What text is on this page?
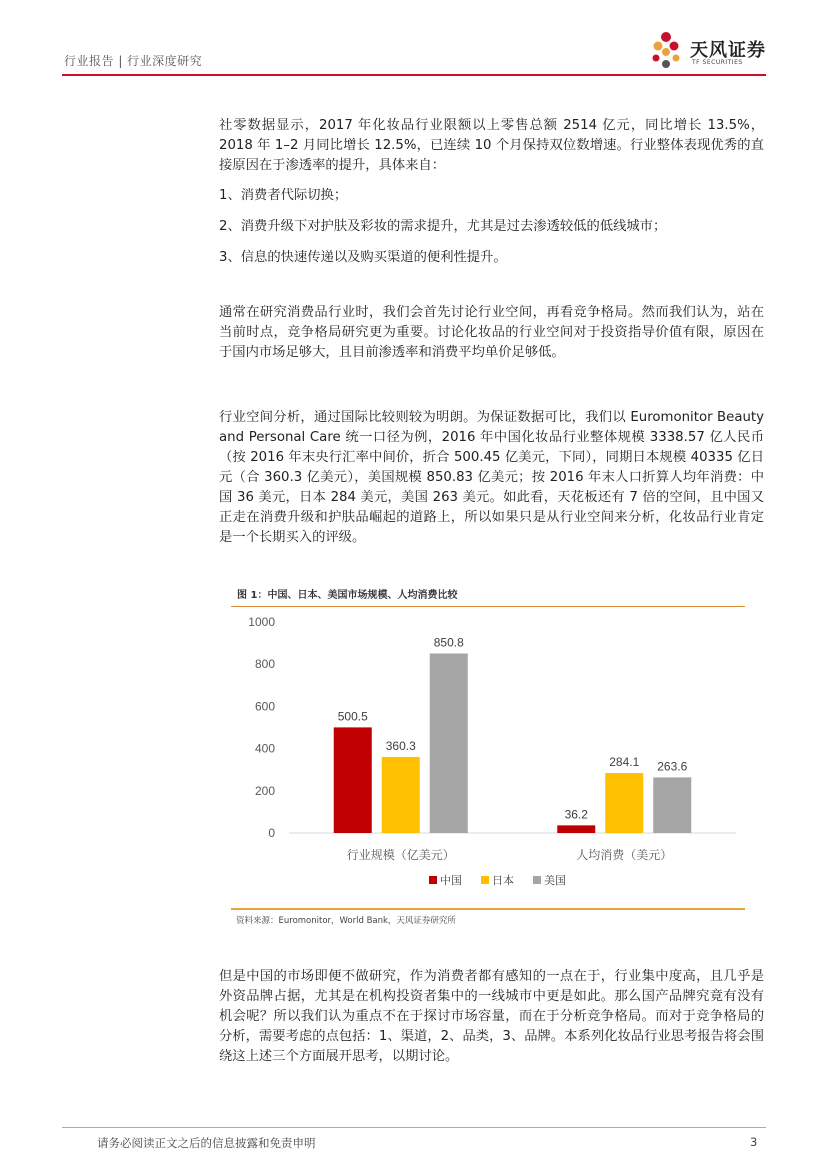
行业报告 | 行业深度研究	天风证券
TF SECURITIES
社零数据显示，2017 年化妆品行业限额以上零售总额 2514 亿元，同比增长 13.5%，2018 年 1–2 月同比增长 12.5%，已连续 10 个月保持双位数增速。行业整体表现优秀的直接原因在于渗透率的提升，具体来自：
1、消费者代际切换；
2、消费升级下对护肤及彩妆的需求提升，尤其是过去渗透较低的低线城市；
3、信息的快速传递以及购买渠道的便利性提升。
通常在研究消费品行业时，我们会首先讨论行业空间，再看竞争格局。然而我们认为，站在当前时点，竞争格局研究更为重要。讨论化妆品的行业空间对于投资指导价值有限，原因在于国内市场足够大，且目前渗透率和消费平均单价足够低。
行业空间分析，通过国际比较则较为明朗。为保证数据可比，我们以 Euromonitor Beauty and Personal Care 统一口径为例，2016 年中国化妆品行业整体规模 3338.57 亿人民币（按 2016 年末央行汇率中间价，折合 500.45 亿美元，下同），同期日本规模 40335 亿日元（合 360.3 亿美元），美国规模 850.83 亿美元；按 2016 年末人口折算人均年消费：中国 36 美元，日本 284 美元，美国 263 美元。如此看，天花板还有 7 倍的空间，且中国又正走在消费升级和护肤品崛起的道路上，所以如果只是从行业空间来分析，化妆品行业肯定是一个长期买入的评级。
图 1：中国、日本、美国市场规模、人均消费比较
0
200
400
600
800
1000
500.5
360.3
850.8
行业规模（亿美元）
36.2
284.1 263.6
人均消费（美元）
中国	日本	美国
资料来源：Euromonitor，World Bank，天风证券研究所
但是中国的市场即便不做研究，作为消费者都有感知的一点在于，行业集中度高，且几乎是外资品牌占据，尤其是在机构投资者集中的一线城市中更是如此。那么国产品牌究竟有没有机会呢？所以我们认为重点不在于探讨市场容量，而在于分析竞争格局。而对于竞争格局的分析，需要考虑的点包括：1、渠道，2、品类，3、品牌。本系列化妆品行业思考报告将会围绕这上述三个方面展开思考，以期讨论。
请务必阅读正文之后的信息披露和免责申明	3
